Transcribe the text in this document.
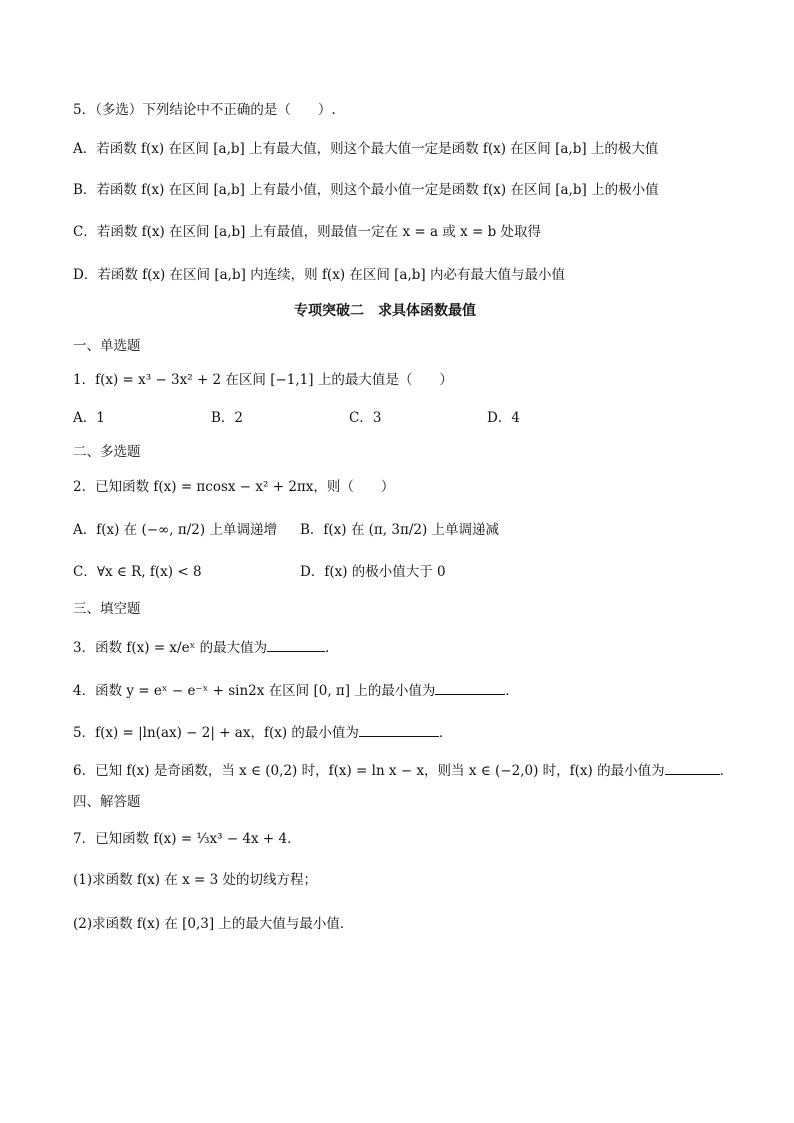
5．（多选）下列结论中不正确的是（　　）.
A．若函数 f(x) 在区间 [a,b] 上有最大值，则这个最大值一定是函数 f(x) 在区间 [a,b] 上的极大值
B．若函数 f(x) 在区间 [a,b] 上有最小值，则这个最小值一定是函数 f(x) 在区间 [a,b] 上的极小值
C．若函数 f(x) 在区间 [a,b] 上有最值，则最值一定在 x = a 或 x = b 处取得
D．若函数 f(x) 在区间 [a,b] 内连续，则 f(x) 在区间 [a,b] 内必有最大值与最小值
专项突破二　求具体函数最值
一、单选题
1．f(x) = x³ − 3x² + 2 在区间 [−1,1] 上的最大值是（　　）
A．1	B．2	C．3	D．4
二、多选题
2．已知函数 f(x) = πcosx − x² + 2πx，则（　　）
A．f(x) 在 (−∞, π/2) 上单调递增 B．f(x) 在 (π, 3π/2) 上单调递减
C．∀x ∈ R, f(x) < 8	D．f(x) 的极小值大于 0
三、填空题
3．函数 f(x) = x/eˣ 的最大值为	．
4．函数 y = eˣ − e⁻ˣ + sin2x 在区间 [0, π] 上的最小值为	．
5．f(x) = |ln(ax) − 2| + ax，f(x) 的最小值为	．
6．已知 f(x) 是奇函数，当 x ∈ (0,2) 时，f(x) = ln x − x，则当 x ∈ (−2,0) 时，f(x) 的最小值为	．
四、解答题
7．已知函数 f(x) = ⅓x³ − 4x + 4．
(1)求函数 f(x) 在 x = 3 处的切线方程；
(2)求函数 f(x) 在 [0,3] 上的最大值与最小值．
